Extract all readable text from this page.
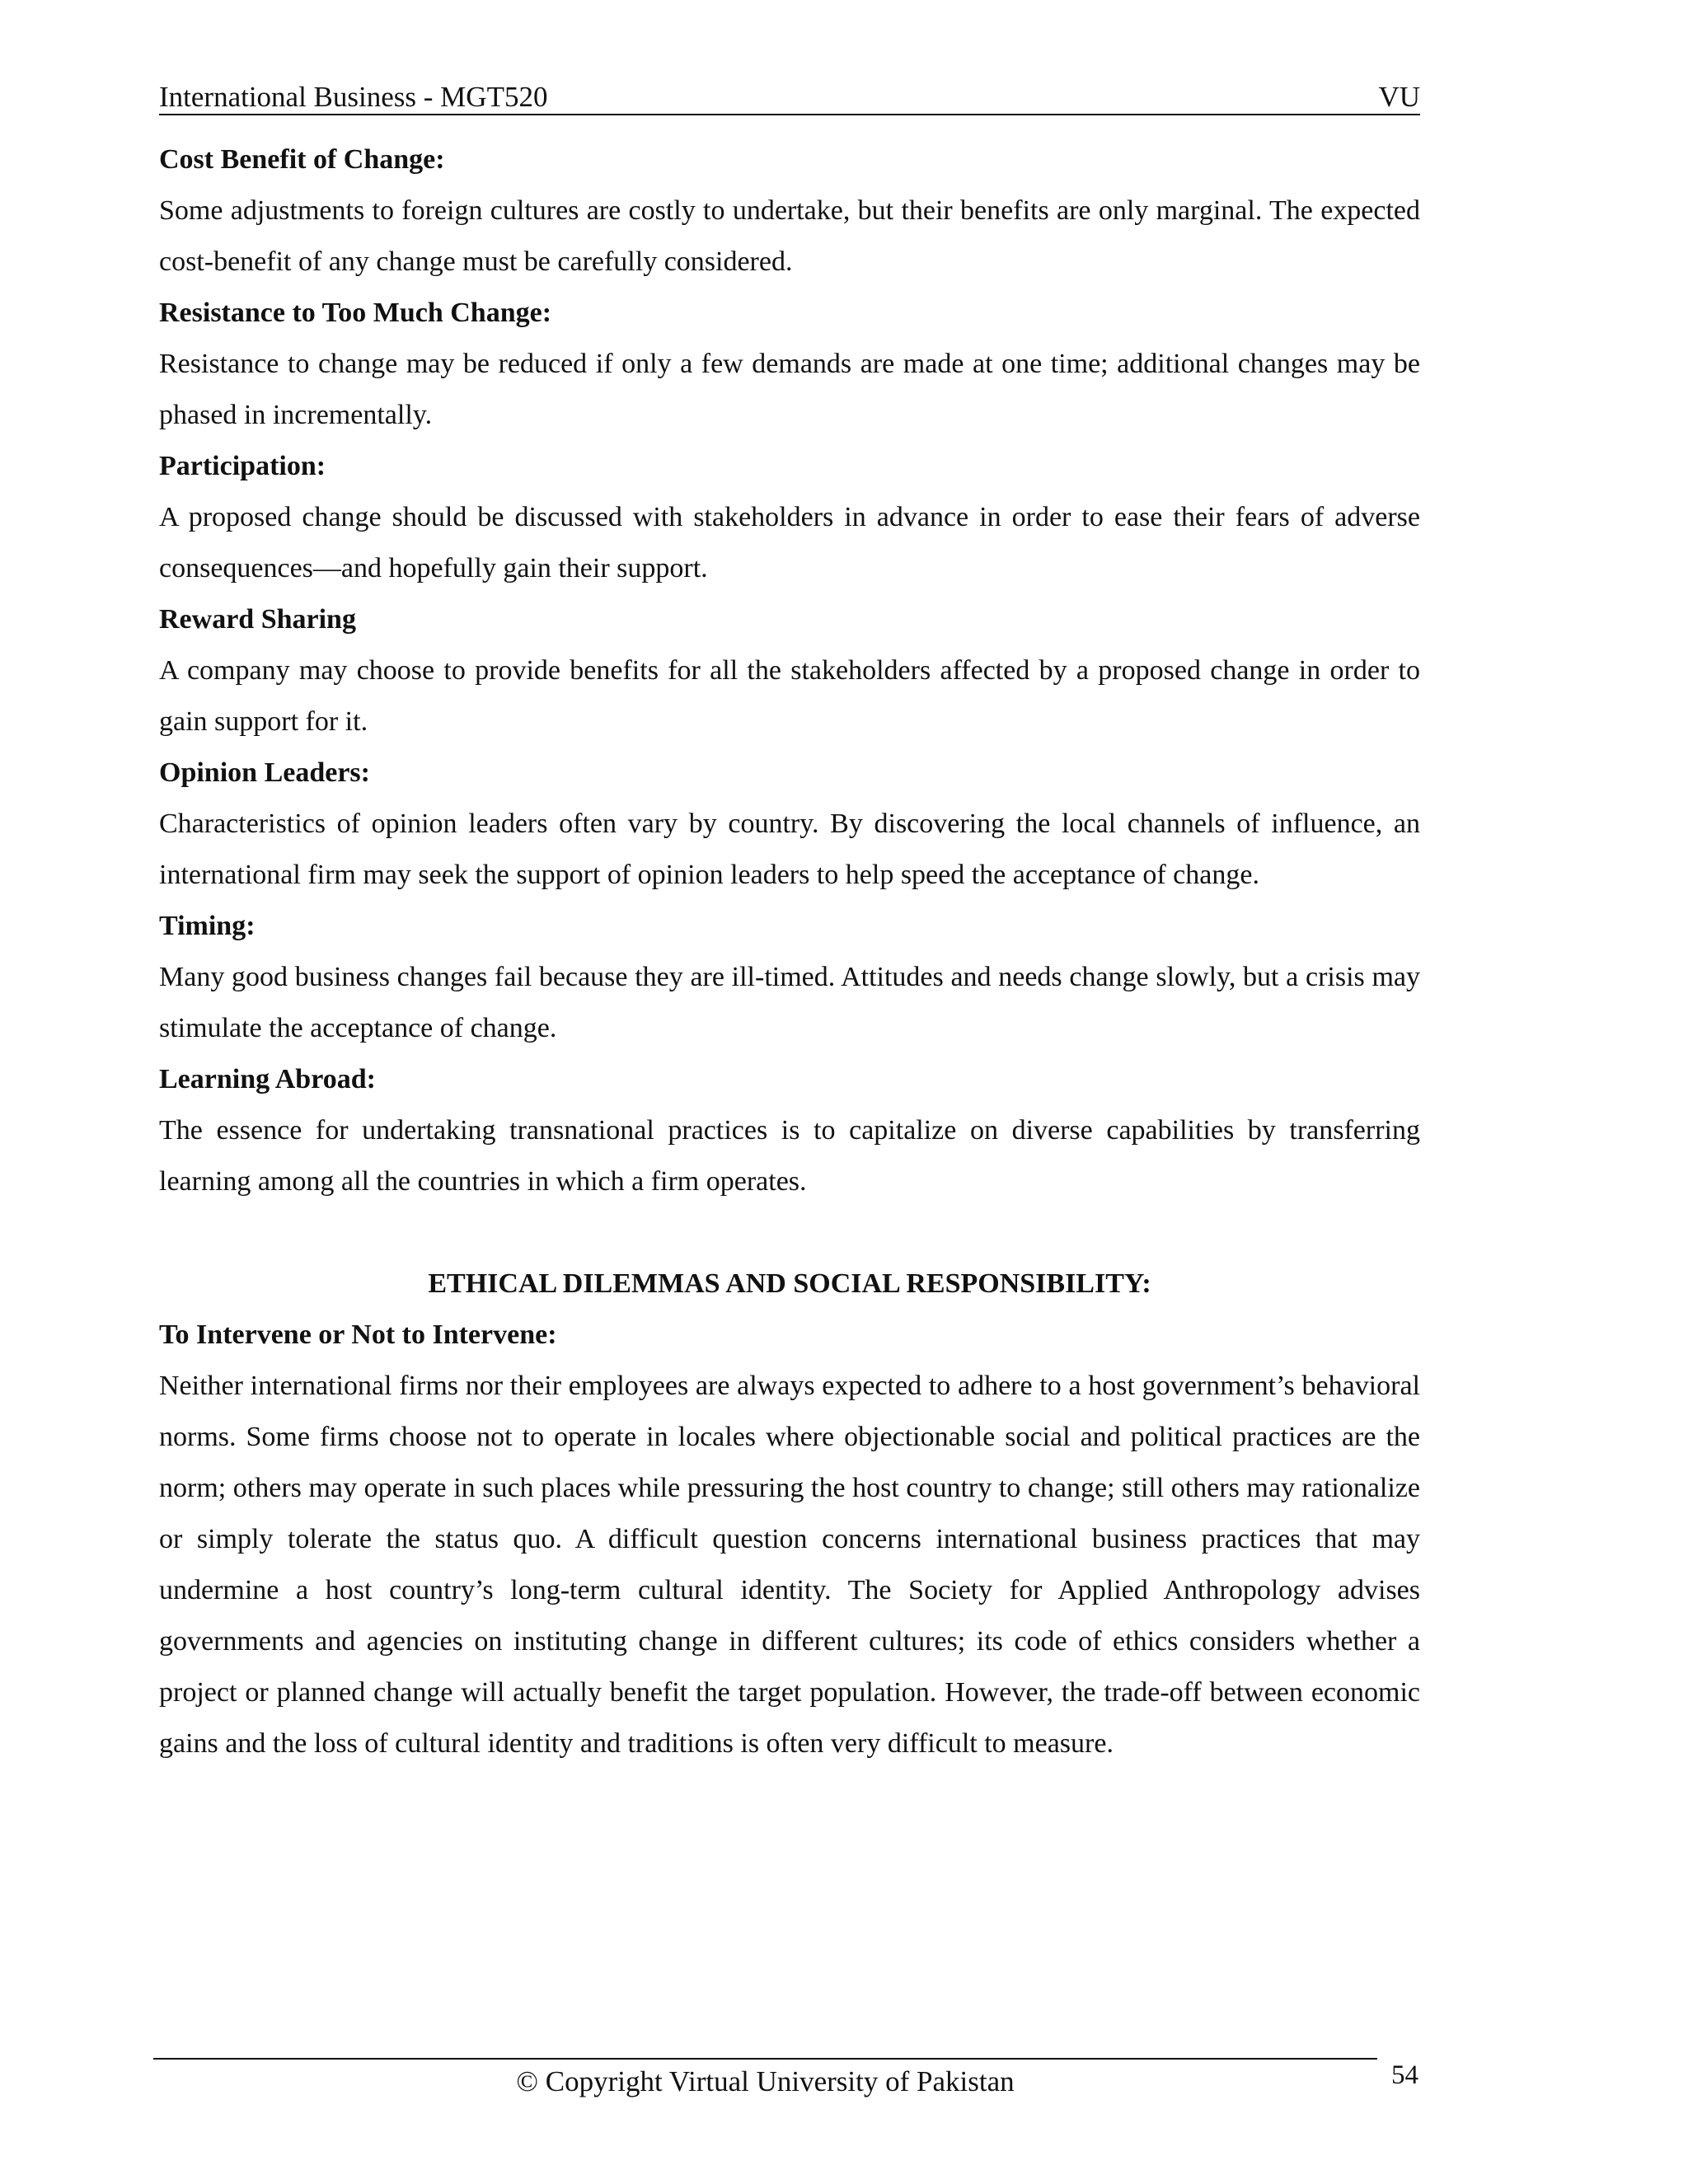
International Business - MGT520	VU
Cost Benefit of Change:

Some adjustments to foreign cultures are costly to undertake, but their benefits are only marginal. The expected cost-benefit of any change must be carefully considered.

Resistance to Too Much Change:

Resistance to change may be reduced if only a few demands are made at one time; additional changes may be phased in incrementally.

Participation:

A proposed change should be discussed with stakeholders in advance in order to ease their fears of adverse consequences—and hopefully gain their support.

Reward Sharing

A company may choose to provide benefits for all the stakeholders affected by a proposed change in order to gain support for it.

Opinion Leaders:

Characteristics of opinion leaders often vary by country. By discovering the local channels of influence, an international firm may seek the support of opinion leaders to help speed the acceptance of change.

Timing:

Many good business changes fail because they are ill-timed. Attitudes and needs change slowly, but a crisis may stimulate the acceptance of change.

Learning Abroad:

The essence for undertaking transnational practices is to capitalize on diverse capabilities by transferring learning among all the countries in which a firm operates.

ETHICAL DILEMMAS AND SOCIAL RESPONSIBILITY:
To Intervene or Not to Intervene:

Neither international firms nor their employees are always expected to adhere to a host government’s behavioral norms. Some firms choose not to operate in locales where objectionable social and political practices are the norm; others may operate in such places while pressuring the host country to change; still others may rationalize or simply tolerate the status quo. A difficult question concerns international business practices that may undermine a host country’s long-term cultural identity. The Society for Applied Anthropology advises governments and agencies on instituting change in different cultures; its code of ethics considers whether a project or planned change will actually benefit the target population. However, the trade-off between economic gains and the loss of cultural identity and traditions is often very difficult to measure.

© Copyright Virtual University of Pakistan	54
